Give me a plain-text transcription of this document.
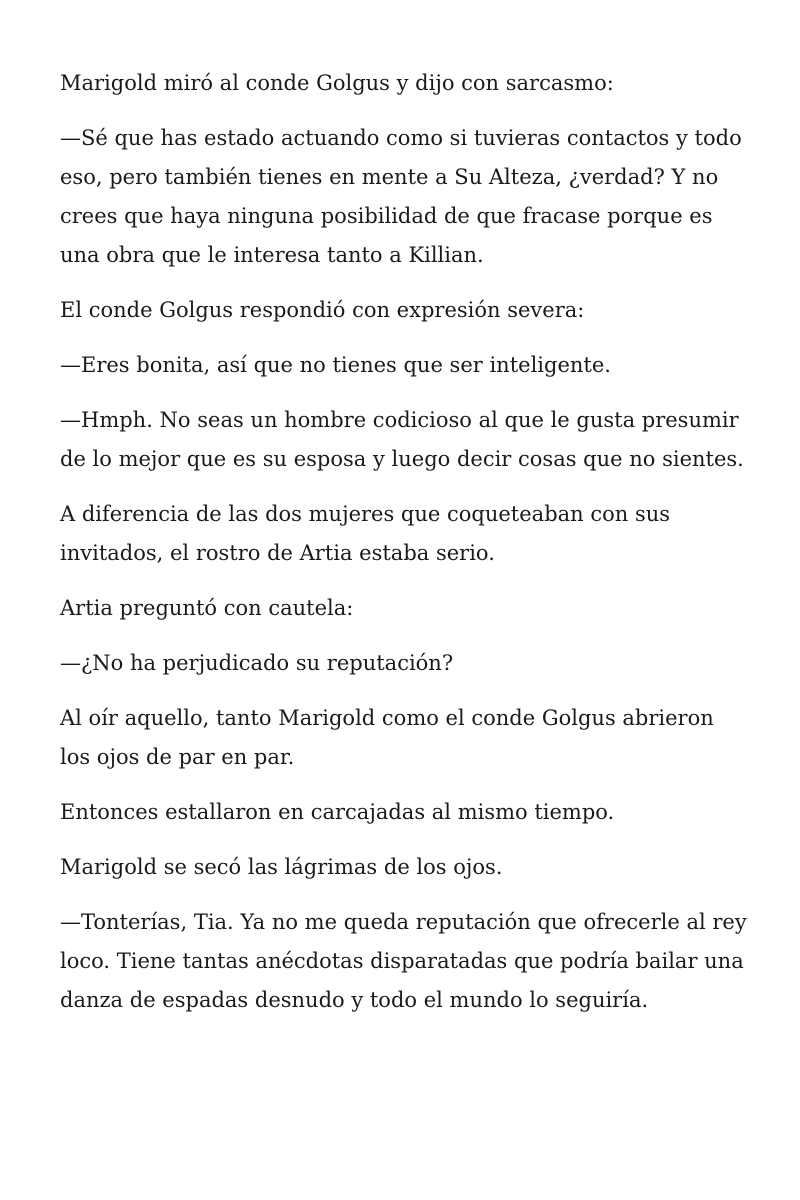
Marigold miró al conde Golgus y dijo con sarcasmo:

—Sé que has estado actuando como si tuvieras contactos y todo eso, pero también tienes en mente a Su Alteza, ¿verdad? Y no crees que haya ninguna posibilidad de que fracase porque es una obra que le interesa tanto a Killian.

El conde Golgus respondió con expresión severa:

—Eres bonita, así que no tienes que ser inteligente.

—Hmph. No seas un hombre codicioso al que le gusta presumir de lo mejor que es su esposa y luego decir cosas que no sientes.

A diferencia de las dos mujeres que coqueteaban con sus invitados, el rostro de Artia estaba serio.

Artia preguntó con cautela:

—¿No ha perjudicado su reputación?

Al oír aquello, tanto Marigold como el conde Golgus abrieron los ojos de par en par.

Entonces estallaron en carcajadas al mismo tiempo.

Marigold se secó las lágrimas de los ojos.

—Tonterías, Tia. Ya no me queda reputación que ofrecerle al rey loco. Tiene tantas anécdotas disparatadas que podría bailar una danza de espadas desnudo y todo el mundo lo seguiría.
